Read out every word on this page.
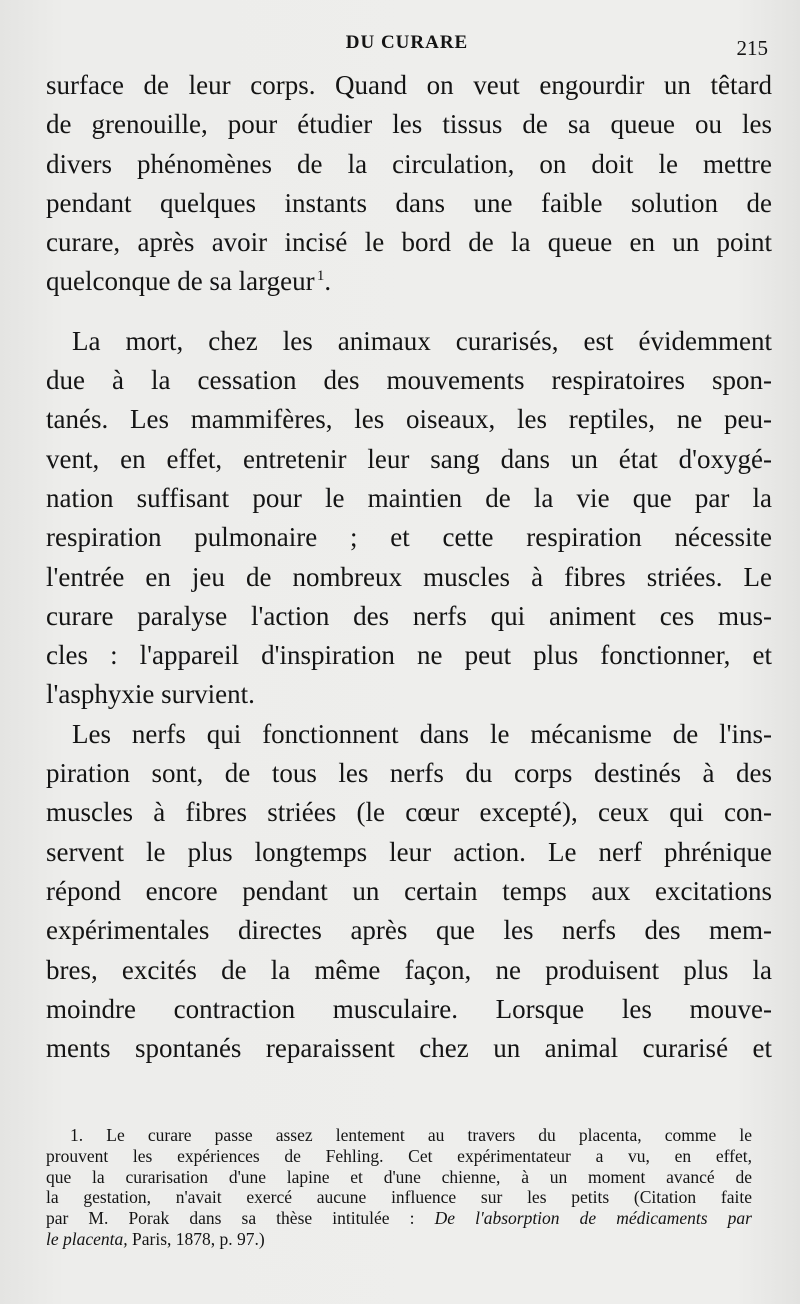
DU CURARE	215
surface de leur corps. Quand on veut engourdir un têtard
de grenouille, pour étudier les tissus de sa queue ou les
divers phénomènes de la circulation, on doit le mettre
pendant quelques instants dans une faible solution de
curare, après avoir incisé le bord de la queue en un point
quelconque de sa largeur  $^1$.
La mort, chez les animaux curarisés, est évidemment
due à la cessation des mouvements respiratoires spon-
tanés. Les mammifères, les oiseaux, les reptiles, ne peu-
vent, en effet, entretenir leur sang dans un état d'oxygé-
nation suffisant pour le maintien de la vie que par la
respiration pulmonaire ; et cette respiration nécessite
l'entrée en jeu de nombreux muscles à fibres striées. Le
curare paralyse l'action des nerfs qui animent ces mus-
cles : l'appareil d'inspiration ne peut plus fonctionner, et
l'asphyxie survient.
Les nerfs qui fonctionnent dans le mécanisme de l'ins-
piration sont, de tous les nerfs du corps destinés à des
muscles à fibres striées (le cœur excepté), ceux qui con-
servent le plus longtemps leur action. Le nerf phrénique
répond encore pendant un certain temps aux excitations
expérimentales directes après que les nerfs des mem-
bres, excités de la même façon, ne produisent plus la
moindre contraction musculaire. Lorsque les mouve-
ments spontanés reparaissent chez un animal curarisé et
1. Le curare passe assez lentement au travers du placenta, comme le
prouvent les expériences de Fehling. Cet expérimentateur a vu, en effet,
que la curarisation d'une lapine et d'une chienne, à un moment avancé de
la gestation, n'avait exercé aucune influence sur les petits (Citation faite
par M. Porak dans sa thèse intitulée : De l'absorption de médicaments par
le placenta, Paris, 1878, p. 97.)
